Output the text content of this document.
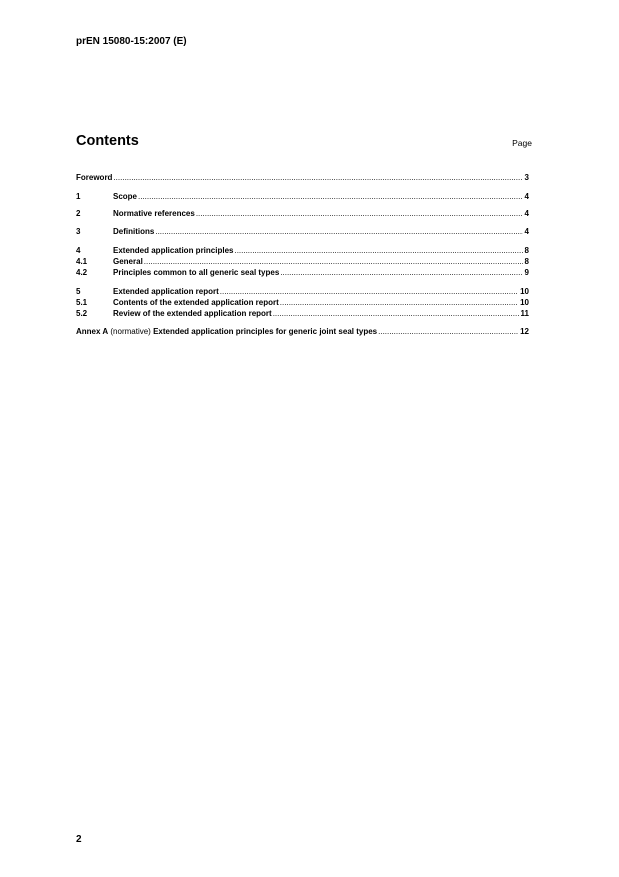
prEN 15080-15:2007 (E)
Contents	Page
Foreword .....	3
1	Scope .....	4
2	Normative references .....	4
3	Definitions .....	4
4	Extended application principles .....	8
4.1	General .....	8
4.2	Principles common to all generic seal types .....	9
5	Extended application report .....	10
5.1	Contents of the extended application report .....	10
5.2	Review of the extended application report .....	11
Annex A (normative) Extended application principles for generic joint seal types .....	12
2
